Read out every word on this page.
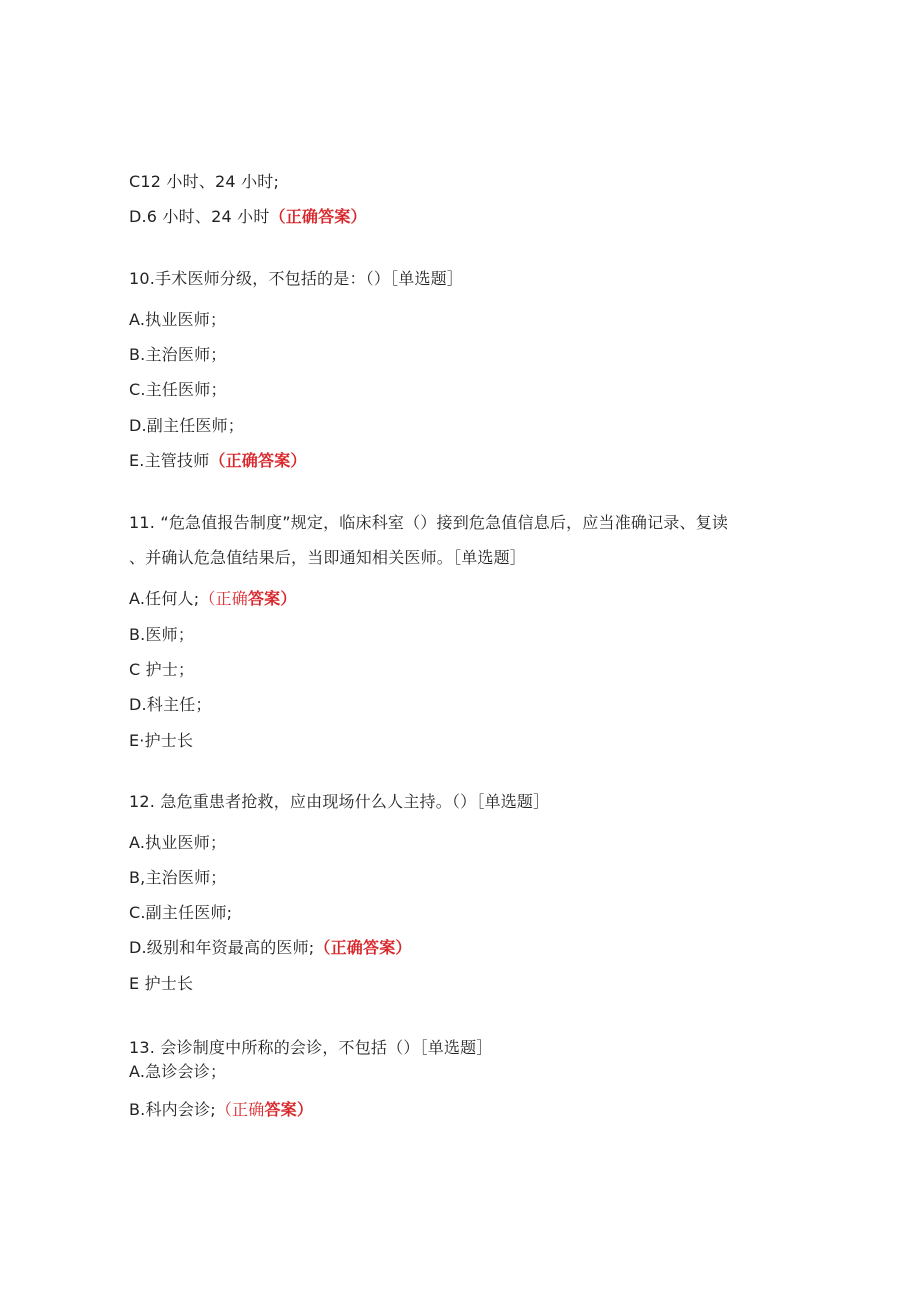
C12 小时、24 小时;
D.6 小时、24 小时（正确答案）
10.手术医师分级，不包括的是：（）［单选题］
A.执业医师；
B.主治医师；
C.主任医师；
D.副主任医师；
E.主管技师（正确答案）
11. “危急值报告制度”规定，临床科室（）接到危急值信息后，应当准确记录、复读
、并确认危急值结果后，当即通知相关医师。［单选题］
A.任何人;（正确答案）
B.医师；
C 护士；
D.科主任；
E·护士长
12. 急危重患者抢救，应由现场什么人主持。（）［单选题］
A.执业医师；
B,主治医师；
C.副主任医师;
D.级别和年资最高的医师;（正确答案）
E 护士长
13. 会诊制度中所称的会诊，不包括（）［单选题］
A.急诊会诊；
B.科内会诊;（正确答案）
